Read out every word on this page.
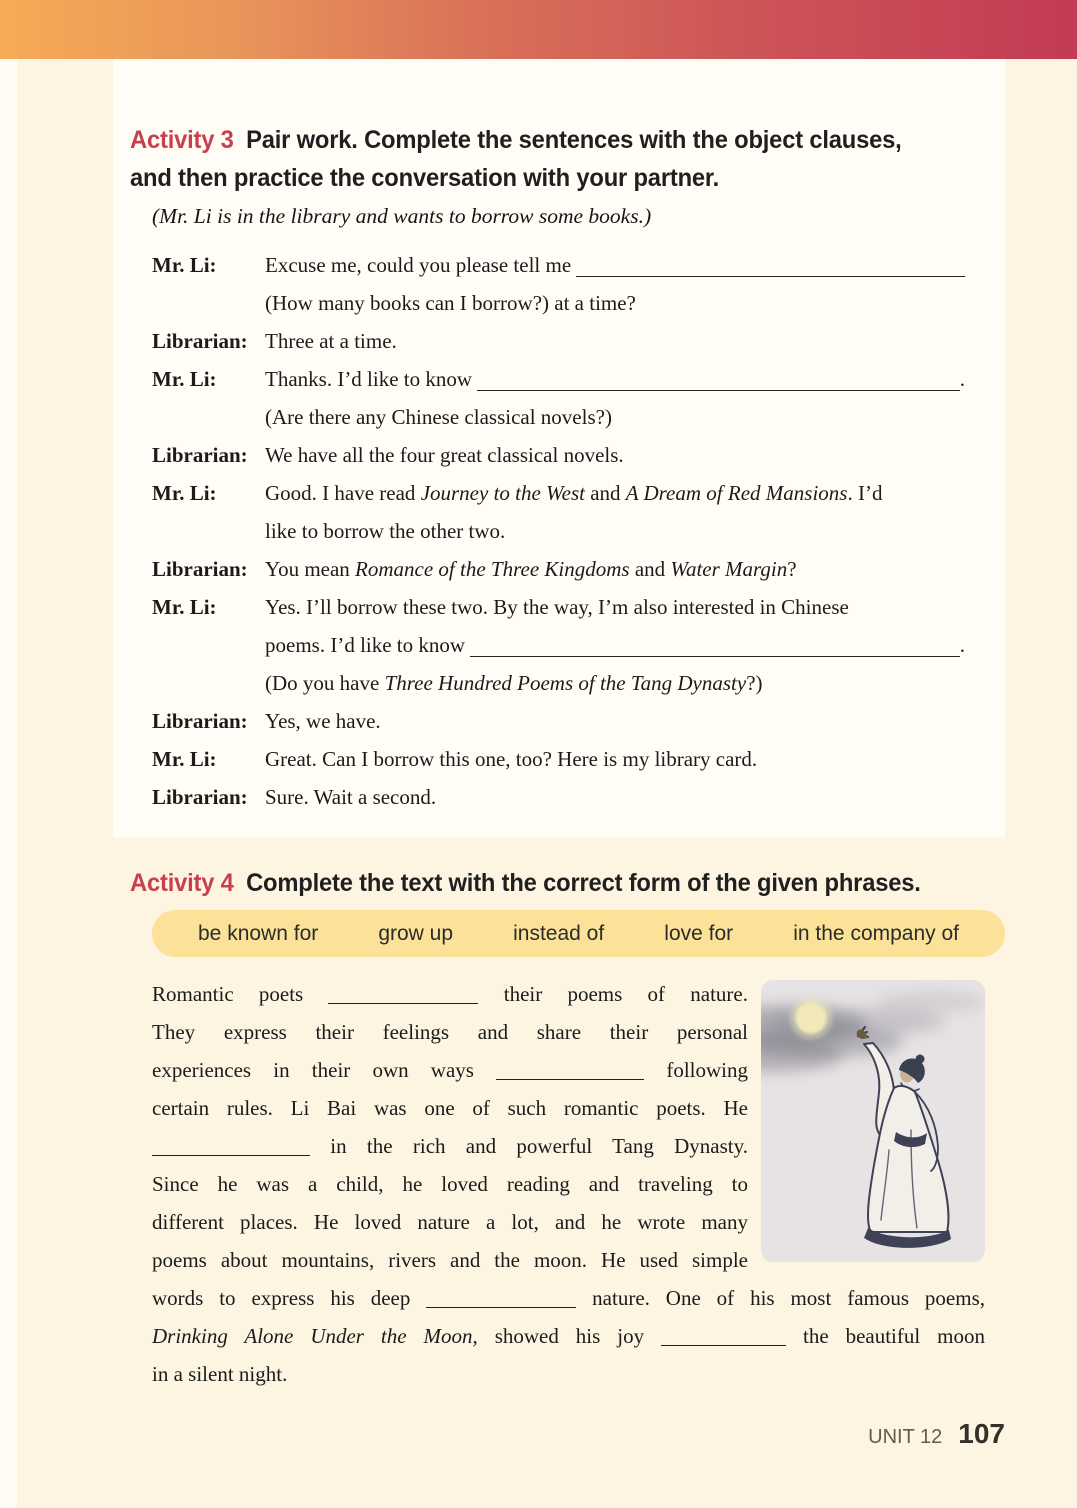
Activity 3 Pair work. Complete the sentences with the object clauses,
and then practice the conversation with your partner.
(Mr. Li is in the library and wants to borrow some books.)
Mr. Li:	Excuse me, could you please tell me
(How many books can I borrow?) at a time?
Librarian: Three at a time.
Mr. Li:	Thanks. I’d like to know	.
(Are there any Chinese classical novels?)
Librarian: We have all the four great classical novels.
Mr. Li:	Good. I have read Journey to the West and A Dream of Red Mansions . I’d
like to borrow the other two.
Librarian: You mean Romance of the Three Kingdoms and Water Margin ?
Mr. Li:	Yes. I’ll borrow these two. By the way, I’m also interested in Chinese
poems. I’d like to know	.
(Do you have Three Hundred Poems of the Tang Dynasty ?)
Librarian: Yes, we have.
Mr. Li:	Great. Can I borrow this one, too? Here is my library card.
Librarian: Sure. Wait a second.
Activity 4 Complete the text with the correct form of the given phrases.
be known for	grow up	instead of	love for	in the company of
Romantic poets	their poems of nature.
They express their feelings and share their personal
experiences in their own ways	following
certain rules. Li Bai was one of such romantic poets. He
in the rich and powerful Tang Dynasty.
Since he was a child, he loved reading and traveling to
different places. He loved nature a lot, and he wrote many
poems about mountains, rivers and the moon. He used simple
words to express his deep	nature. One of his most famous poems,
Drinking Alone Under the Moon, showed his joy	the beautiful moon
in a silent night.
UNIT 12 107
